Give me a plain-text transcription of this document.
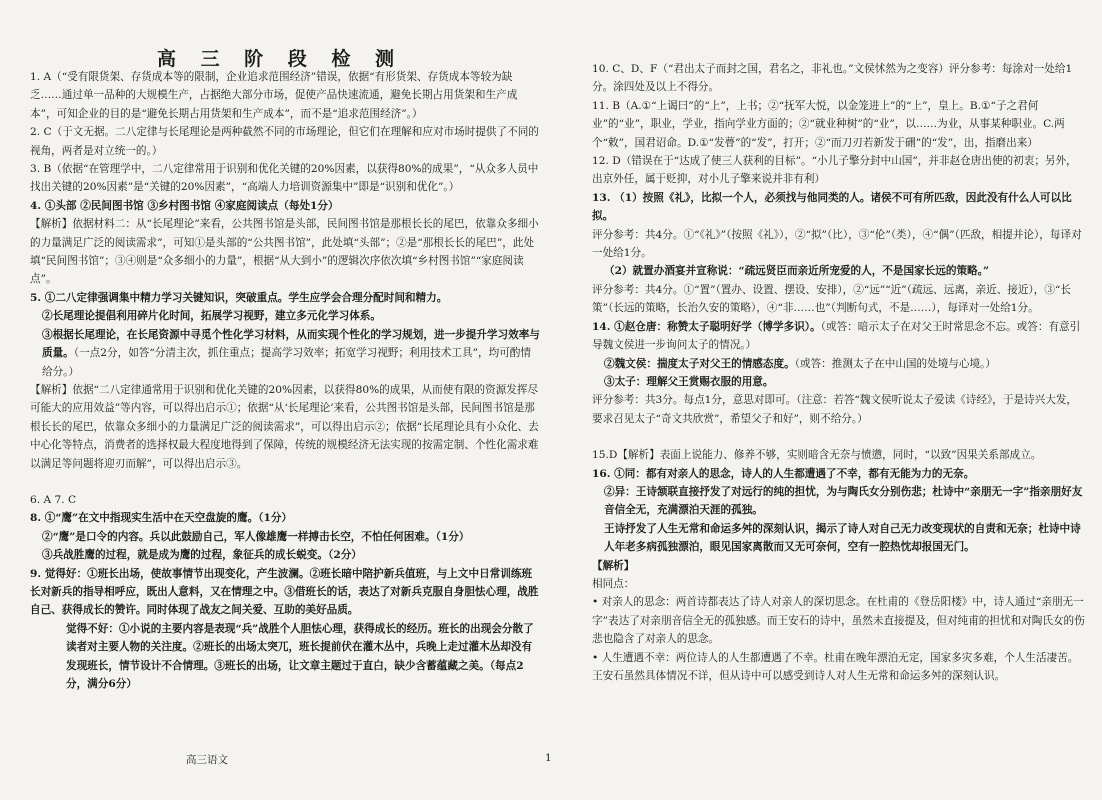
高 三 阶 段 检 测

1. A（“受有限货架、存货成本等的限制，企业追求范围经济”错误，依据“有形货架、存货成本等较为缺乏……通过单一品种的大规模生产，占据绝大部分市场，促使产品快速流通，避免长期占用货架和生产成本”，可知企业的目的是“避免长期占用货架和生产成本”，而不是“追求范围经济”。）

2. C（于文无据。二八定律与长尾理论是两种截然不同的市场理论，但它们在理解和应对市场时提供了不同的视角，两者是对立统一的。）

3. B（依据“在管理学中，二八定律常用于识别和优化关键的20%因素，以获得80%的成果”，“从众多人员中找出关键的20%因素”是“关键的20%因素”，“高端人力培训资源集中”即是“识别和优化”。）

4. ①头部 ②民间图书馆 ③乡村图书馆 ④家庭阅读点（每处1分）

【解析】依据材料二：从“长尾理论”来看，公共图书馆是头部，民间图书馆是那根长长的尾巴，依靠众多细小的力量满足广泛的阅读需求”，可知①是头部的“公共图书馆”，此处填“头部”；②是“那根长长的尾巴”，此处填“民间图书馆”；③④则是“众多细小的力量”，根据“从大到小”的逻辑次序依次填“乡村图书馆”“家庭阅读点”。

5. ①二八定律强调集中精力学习关键知识，突破重点。学生应学会合理分配时间和精力。

②长尾理论提倡利用碎片化时间，拓展学习视野，建立多元化学习体系。

③根据长尾理论，在长尾资源中寻觅个性化学习材料，从而实现个性化的学习规划，进一步提升学习效率与质量。（一点2分，如答“分清主次，抓住重点；提高学习效率；拓宽学习视野；利用技术工具”，均可酌情给分。）

【解析】依据“二八定律通常用于识别和优化关键的20%因素，以获得80%的成果，从而使有限的资源发挥尽可能大的应用效益”等内容，可以得出启示①；依据“从‘长尾理论’来看，公共图书馆是头部，民间图书馆是那根长长的尾巴，依靠众多细小的力量满足广泛的阅读需求”，可以得出启示②；依据“长尾理论具有小众化、去中心化等特点，消费者的选择权最大程度地得到了保障，传统的规模经济无法实现的按需定制、个性化需求难以满足等问题将迎刃而解”，可以得出启示③。

6. A 7. C

8. ①“鹰”在文中指现实生活中在天空盘旋的鹰。（1分）

②“鹰”是口令的内容。兵以此鼓励自己，军人像雄鹰一样搏击长空，不怕任何困难。（1分）

③兵战胜鹰的过程，就是成为鹰的过程，象征兵的成长蜕变。（2分）

9. 觉得好：①班长出场，使故事情节出现变化，产生波澜。②班长暗中陪护新兵值班，与上文中日常训练班长对新兵的指导相呼应，既出人意料，又在情理之中。③借班长的话，表达了对新兵克服自身胆怯心理，战胜自己、获得成长的赞许。同时体现了战友之间关爱、互助的美好品质。

觉得不好：①小说的主要内容是表现“兵”战胜个人胆怯心理，获得成长的经历。班长的出现会分散了读者对主要人物的关注度。②班长的出场太突兀，班长提前伏在灌木丛中，兵晚上走过灌木丛却没有发现班长，情节设计不合情理。③班长的出场，让文章主题过于直白，缺少含蓄蕴藏之美。（每点2分，满分6分）

10. C、D、F（“君出太子而封之国，君名之，非礼也。”文侯怵然为之变容）评分参考：每涂对一处给1分。涂四处及以上不得分。

11. B（A.①“上谒曰”的“上”，上书；②“抚军大悦，以金笼进上”的“上”，皇上。B.①“子之君何业”的“业”，职业，学业，指向学业方面的；②“就业种树”的“业”，以……为业，从事某种职业。C.两个“敕”，国君诏命。D.①“发瞢”的“发”，打开；②“而刀刃若新发于硎”的“发”，出，指磨出来）

12. D（错误在于“达成了使三人获利的目标”。“小儿子擎分封中山国”，并非赵仓唐出使的初衷；另外，出京外任，属于贬抑，对小儿子擎来说并非有利）

13. （1）按照《礼》，比拟一个人，必须找与他同类的人。诸侯不可有所匹敌，因此没有什么人可以比拟。

评分参考：共4分。①“《礼》”（按照《礼》），②“拟”（比），③“伦”（类），④“偶”（匹敌，相提并论），每译对一处给1分。

（2）就置办酒宴并宣称说：“疏远贤臣而亲近所宠爱的人，不是国家长远的策略。”

评分参考：共4分。①“置”（置办、设置、摆设、安排），②“远”“近”（疏远、远离，亲近、接近），③“长策”（长远的策略，长治久安的策略），④“非……也”（判断句式，不是……），每译对一处给1分。

14. ①赵仓唐：称赞太子聪明好学（博学多识）。（或答：暗示太子在对父王时常思念不忘。或答：有意引导魏文侯进一步询问太子的情况。）

②魏文侯：揣度太子对父王的情感态度。（或答：推测太子在中山国的处境与心境。）

③太子：理解父王赏赐衣服的用意。

评分参考：共3分。每点1分，意思对即可。（注意：若答“魏文侯听说太子爱读《诗经》，于是诗兴大发，要求召见太子“奇文共欣赏”，希望父子和好”，则不给分。）

15.D【解析】表面上说能力、修养不够，实则暗含无奈与愤懑，同时，“以致”因果关系部成立。

16. ①同：都有对亲人的思念，诗人的人生都遭遇了不幸，都有无能为力的无奈。

②异：王诗颔联直接抒发了对远行的纯的担忧，为与陶氏女分别伤悲；杜诗中“亲朋无一字”指亲朋好友音信全无，充满漂泊天涯的孤独。

王诗抒发了人生无常和命运多舛的深刻认识，揭示了诗人对自己无力改变现状的自责和无奈；杜诗中诗人年老多病孤独漂泊，眼见国家离散而又无可奈何，空有一腔热忱却报国无门。

【解析】

相同点：

• 对亲人的思念：两首诗都表达了诗人对亲人的深切思念。在杜甫的《登岳阳楼》中，诗人通过“亲朋无一字”表达了对亲朋音信全无的孤独感。而王安石的诗中，虽然未直接提及，但对纯甫的担忧和对陶氏女的伤悲也隐含了对亲人的思念。

• 人生遭遇不幸：两位诗人的人生都遭遇了不幸。杜甫在晚年漂泊无定，国家多灾多难，个人生活凄苦。王安石虽然具体情况不详，但从诗中可以感受到诗人对人生无常和命运多舛的深刻认识。

高三语文	1
